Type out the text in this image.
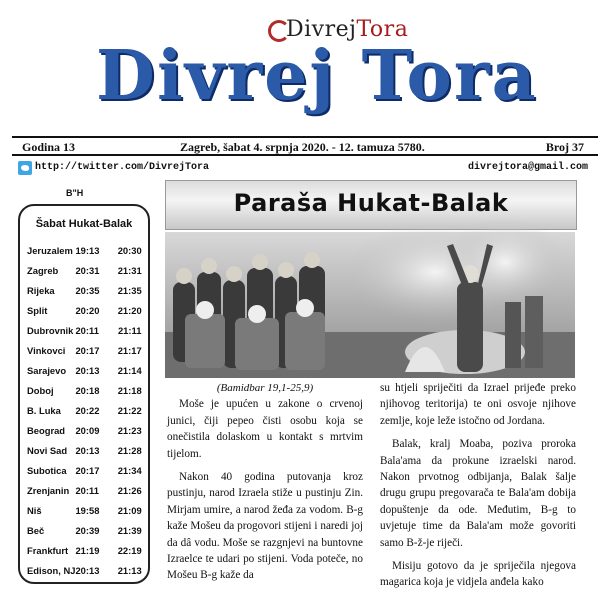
DivrejTora
Divrej Tora
Godina 13	Zagreb, šabat 4. srpnja 2020. - 12. tamuza 5780.	Broj 37
http://twitter.com/DivrejTora	divrejtora@gmail.com
B"H
Šabat Hukat-Balak
Jeruzalem	19:13	20:30
Zagreb	20:31	21:31
Rijeka	20:35	21:35
Split	20:20	21:20
Dubrovnik	20:11	21:11
Vinkovci	20:17	21:17
Sarajevo	20:13	21:14
Doboj	20:18	21:18
B. Luka	20:22	21:22
Beograd	20:09	21:23
Novi Sad	20:13	21:28
Subotica	20:17	21:34
Zrenjanin	20:11	21:26
Niš	19:58	21:09
Beč	20:39	21:39
Frankfurt	21:19	22:19
Edison, NJ	20:13	21:13
Paraša Hukat-Balak
(Bamidbar 19,1-25,9)

Moše je upućen u zakone o crvenoj junici, čiji pepeo čisti osobu koja se onečistila dolaskom u kontakt s mrtvim tijelom.

Nakon 40 godina putovanja kroz pustinju, narod Izraela stiže u pustinju Zin. Mirjam umire, a narod žeđa za vodom. B-g kaže Mošeu da progovori stijeni i naredi joj da dâ vodu. Moše se razgnjevi na buntovne Izraelce te udari po stijeni. Voda poteče, no Mošeu B-g kaže da

su htjeli spriječiti da Izrael prijeđe preko njihovog teritorija) te oni osvoje njihove zemlje, koje leže istočno od Jordana.

Balak, kralj Moaba, poziva proroka Bala'ama da prokune izraelski narod. Nakon prvotnog odbijanja, Balak šalje drugu grupu pregovarača te Bala'am dobija dopuštenje da ode. Međutim, B-g to uvjetuje time da Bala'am može govoriti samo B-ž-je riječi.

Misiju gotovo da je spriječila njegova magarica koja je vidjela anđela kako
